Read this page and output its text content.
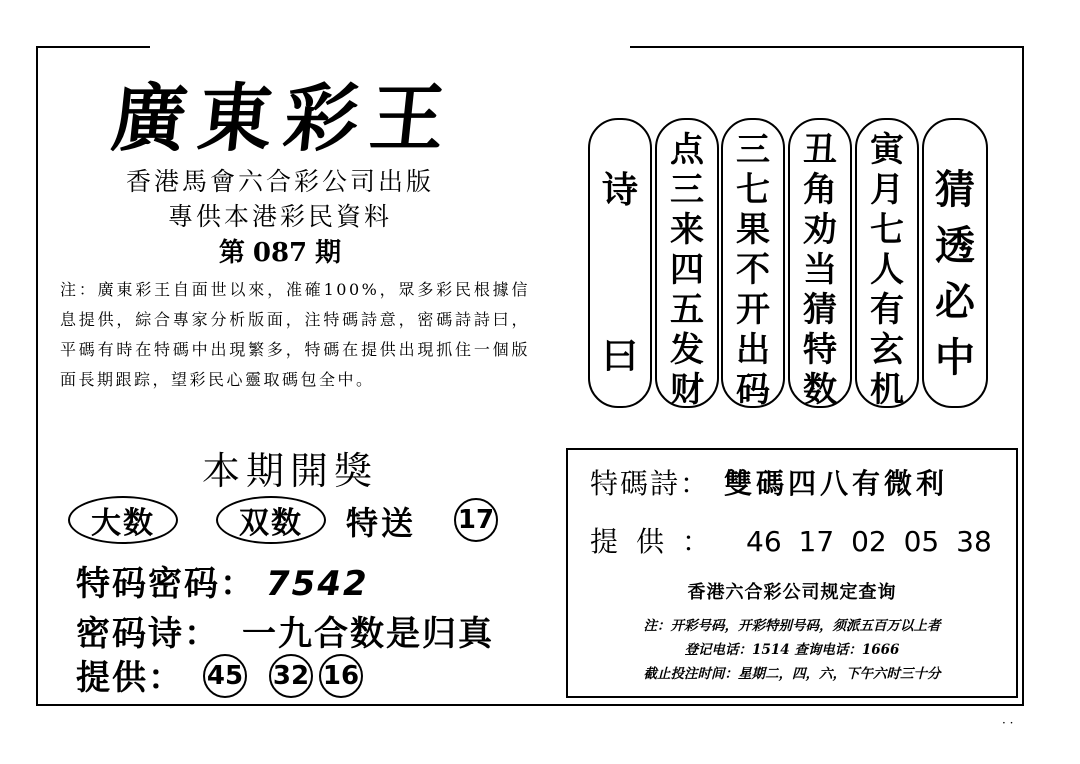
廣東彩王
香港馬會六合彩公司出版
專供本港彩民資料
第 087 期
注：廣東彩王自面世以來，准確100%，眾多彩民根據信息提供，綜合專家分析版面，注特碼詩意，密碼詩詩曰，平碼有時在特碼中出現繁多，特碼在提供出現抓住一個版面長期跟踪，望彩民心靈取碼包全中。
本期開獎
大数	双数	特送 17
特码密码： 7542
密码诗： 一九合数是归真
提供： 45 32 16
诗
曰
点
三
来
四
五
发
财
三
七
果
不
开
出
码
丑
角
劝
当
猜
特
数
寅
月
七
人
有
玄
机
猜
透
必
中
特碼詩： 雙碼四八有微利
提供： 46 17 02 05 38
香港六合彩公司规定查询
注：开彩号码，开彩特别号码，须派五百万以上者
登记电话：1514 查询电话：1666
截止投注时间：星期二，四，六，下午六时三十分
· ·
